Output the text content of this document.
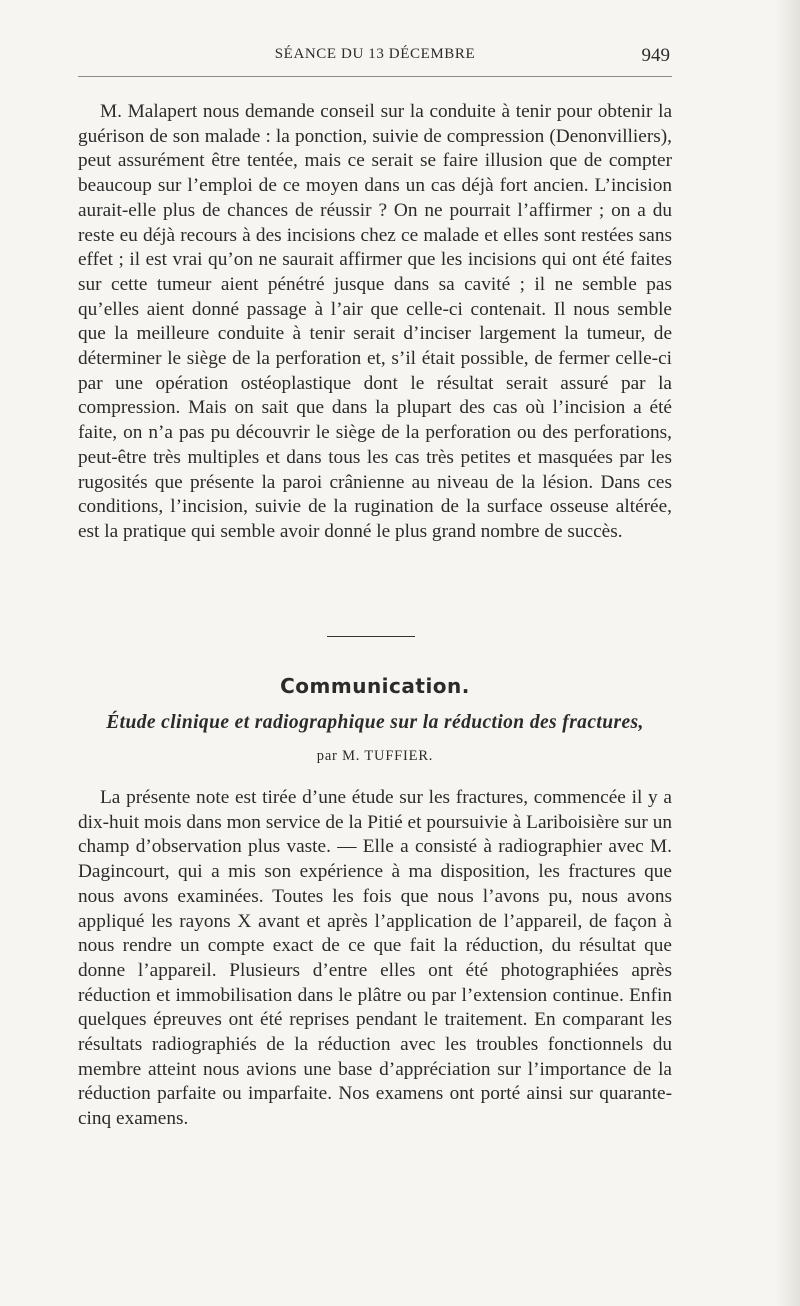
SÉANCE DU 13 DÉCEMBRE	949

M. Malapert nous demande conseil sur la conduite à tenir pour obtenir la guérison de son malade : la ponction, suivie de compression (Denonvilliers), peut assurément être tentée, mais ce serait se faire illusion que de compter beaucoup sur l’emploi de ce moyen dans un cas déjà fort ancien. L’incision aurait-elle plus de chances de réussir ? On ne pourrait l’affirmer ; on a du reste eu déjà recours à des incisions chez ce malade et elles sont restées sans effet ; il est vrai qu’on ne saurait affirmer que les incisions qui ont été faites sur cette tumeur aient pénétré jusque dans sa cavité ; il ne semble pas qu’elles aient donné passage à l’air que celle-ci contenait. Il nous semble que la meilleure conduite à tenir serait d’inciser largement la tumeur, de déterminer le siège de la perforation et, s’il était possible, de fermer celle-ci par une opération ostéoplastique dont le résultat serait assuré par la compression. Mais on sait que dans la plupart des cas où l’incision a été faite, on n’a pas pu découvrir le siège de la perforation ou des perforations, peut-être très multiples et dans tous les cas très petites et masquées par les rugosités que présente la paroi crânienne au niveau de la lésion. Dans ces conditions, l’incision, suivie de la rugination de la surface osseuse altérée, est la pratique qui semble avoir donné le plus grand nombre de succès.

Communication.
Étude clinique et radiographique sur la réduction des fractures,
par M. TUFFIER.

La présente note est tirée d’une étude sur les fractures, commencée il y a dix-huit mois dans mon service de la Pitié et poursuivie à Lariboisière sur un champ d’observation plus vaste. — Elle a consisté à radiographier avec M. Dagincourt, qui a mis son expérience à ma disposition, les fractures que nous avons examinées. Toutes les fois que nous l’avons pu, nous avons appliqué les rayons X avant et après l’application de l’appareil, de façon à nous rendre un compte exact de ce que fait la réduction, du résultat que donne l’appareil. Plusieurs d’entre elles ont été photographiées après réduction et immobilisation dans le plâtre ou par l’extension continue. Enfin quelques épreuves ont été reprises pendant le traitement. En comparant les résultats radiographiés de la réduction avec les troubles fonctionnels du membre atteint nous avions une base d’appréciation sur l’importance de la réduction parfaite ou imparfaite. Nos examens ont porté ainsi sur quarante-cinq examens.
